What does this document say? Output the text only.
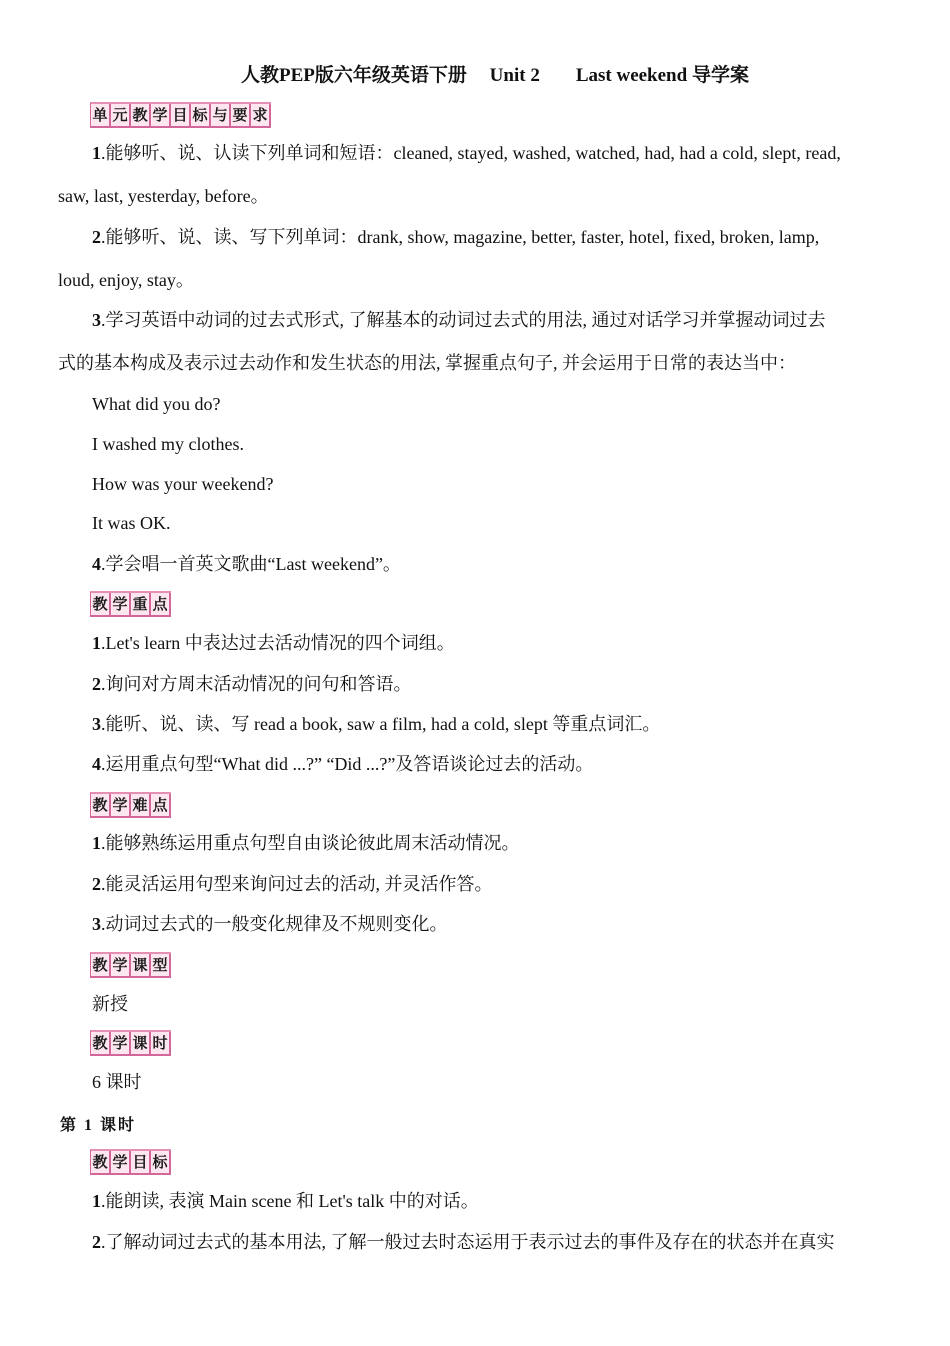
人教PEP版六年级英语下册 Unit 2 Last weekend 导学案
单 元 教 学 目 标 与 要 求
1.能够听、说、认读下列单词和短语：cleaned, stayed, washed, watched, had, had a cold, slept, read,
saw, last, yesterday, before。
2.能够听、说、读、写下列单词：drank, show, magazine, better, faster, hotel, fixed, broken, lamp,
loud, enjoy, stay。
3.学习英语中动词的过去式形式, 了解基本的动词过去式的用法, 通过对话学习并掌握动词过去
式的基本构成及表示过去动作和发生状态的用法, 掌握重点句子, 并会运用于日常的表达当中：
What did you do?
I washed my clothes.
How was your weekend?
It was OK.
4.学会唱一首英文歌曲“Last weekend”。
教 学 重 点
1.Let's learn 中表达过去活动情况的四个词组。
2.询问对方周末活动情况的问句和答语。
3.能听、说、读、写 read a book, saw a film, had a cold, slept 等重点词汇。
4.运用重点句型“What did ...?” “Did ...?”及答语谈论过去的活动。
教 学 难 点
1.能够熟练运用重点句型自由谈论彼此周末活动情况。
2.能灵活运用句型来询问过去的活动, 并灵活作答。
3.动词过去式的一般变化规律及不规则变化。
教 学 课 型
新授
教 学 课 时
6 课时
第 1 课时
教 学 目 标
1.能朗读, 表演 Main scene 和 Let's talk 中的对话。
2.了解动词过去式的基本用法, 了解一般过去时态运用于表示过去的事件及存在的状态并在真实
